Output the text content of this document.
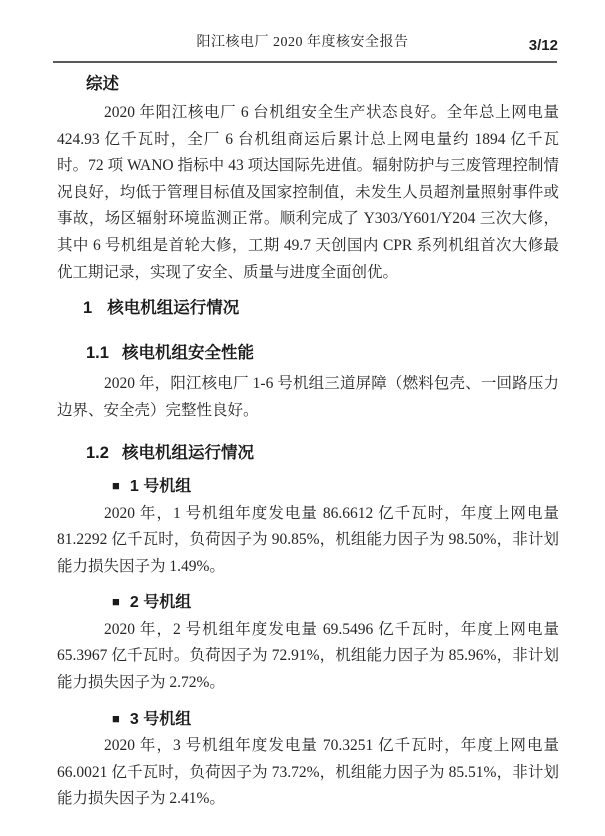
阳江核电厂 2020 年度核安全报告	3/12
综述

2020 年阳江核电厂 6 台机组安全生产状态良好。全年总上网电量 424.93 亿千瓦时，全厂 6 台机组商运后累计总上网电量约 1894 亿千瓦时。72 项 WANO 指标中 43 项达国际先进值。辐射防护与三废管理控制情况良好，均低于管理目标值及国家控制值，未发生人员超剂量照射事件或事故，场区辐射环境监测正常。顺利完成了 Y303/Y601/Y204 三次大修，其中 6 号机组是首轮大修，工期 49.7 天创国内 CPR 系列机组首次大修最优工期记录，实现了安全、质量与进度全面创优。

1 核电机组运行情况
1.1 核电机组安全性能

2020 年，阳江核电厂 1-6 号机组三道屏障（燃料包壳、一回路压力边界、安全壳）完整性良好。

1.2 核电机组运行情况
■ 1 号机组

2020 年，1 号机组年度发电量 86.6612 亿千瓦时，年度上网电量 81.2292 亿千瓦时，负荷因子为 90.85%，机组能力因子为 98.50%，非计划能力损失因子为 1.49%。

■ 2 号机组

2020 年，2 号机组年度发电量 69.5496 亿千瓦时，年度上网电量 65.3967 亿千瓦时。负荷因子为 72.91%，机组能力因子为 85.96%，非计划能力损失因子为 2.72%。

■ 3 号机组

2020 年，3 号机组年度发电量 70.3251 亿千瓦时，年度上网电量 66.0021 亿千瓦时，负荷因子为 73.72%，机组能力因子为 85.51%，非计划能力损失因子为 2.41%。
